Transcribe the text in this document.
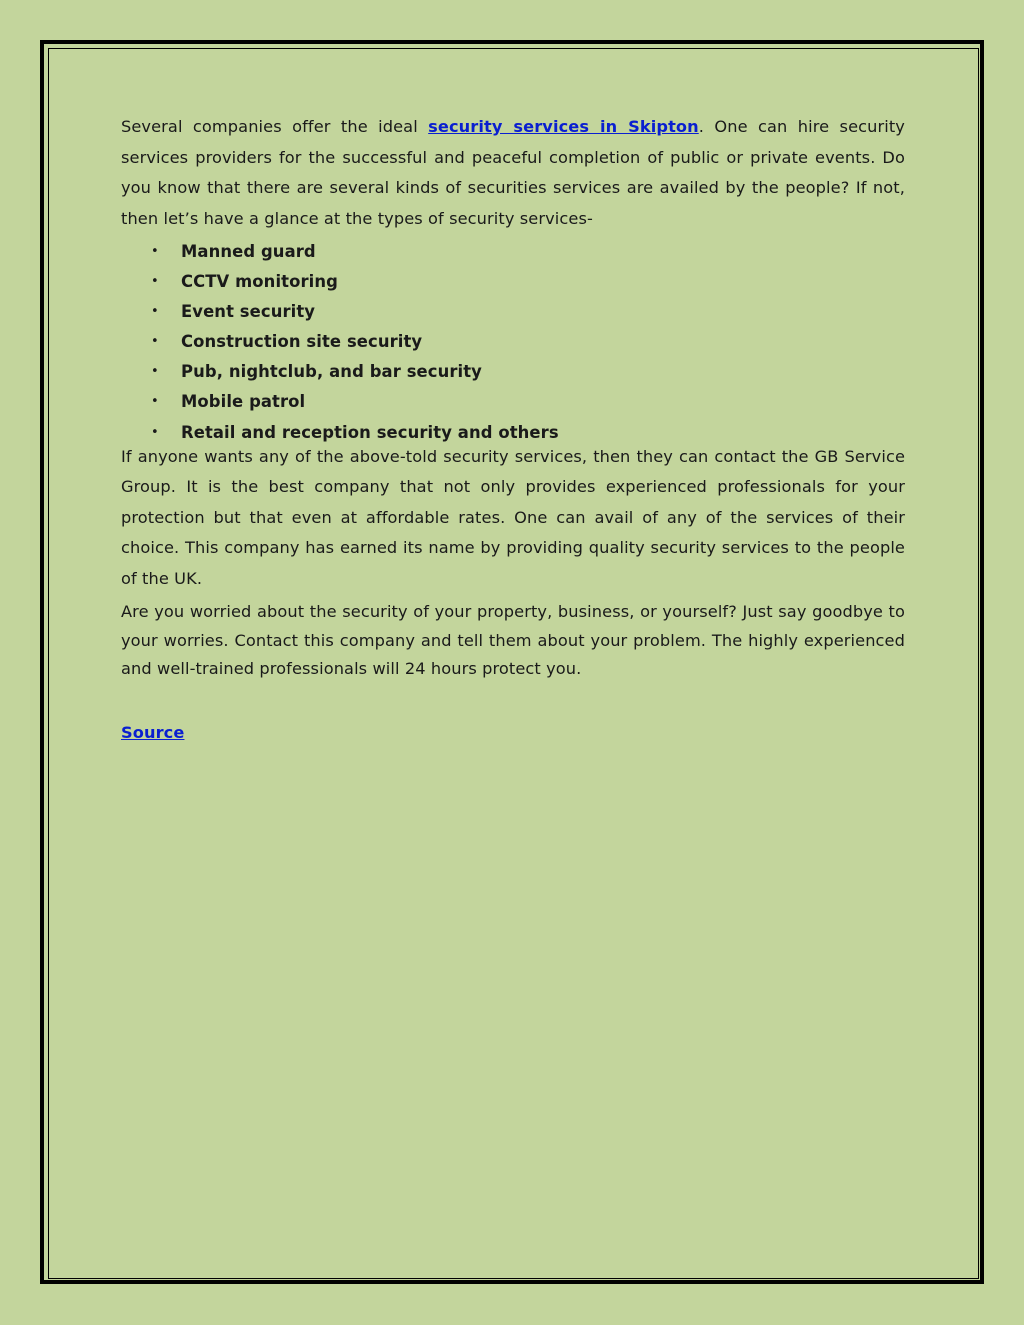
Several companies offer the ideal security services in Skipton. One can hire security services providers for the successful and peaceful completion of public or private events. Do you know that there are several kinds of securities services are availed by the people? If not, then let’s have a glance at the types of security services-

• Manned guard
• CCTV monitoring
• Event security
• Construction site security
• Pub, nightclub, and bar security
• Mobile patrol
• Retail and reception security and others

If anyone wants any of the above-told security services, then they can contact the GB Service Group. It is the best company that not only provides experienced professionals for your protection but that even at affordable rates. One can avail of any of the services of their choice. This company has earned its name by providing quality security services to the people of the UK.

Are you worried about the security of your property, business, or yourself? Just say goodbye to your worries. Contact this company and tell them about your problem. The highly experienced and well-trained professionals will 24 hours protect you.

Source
